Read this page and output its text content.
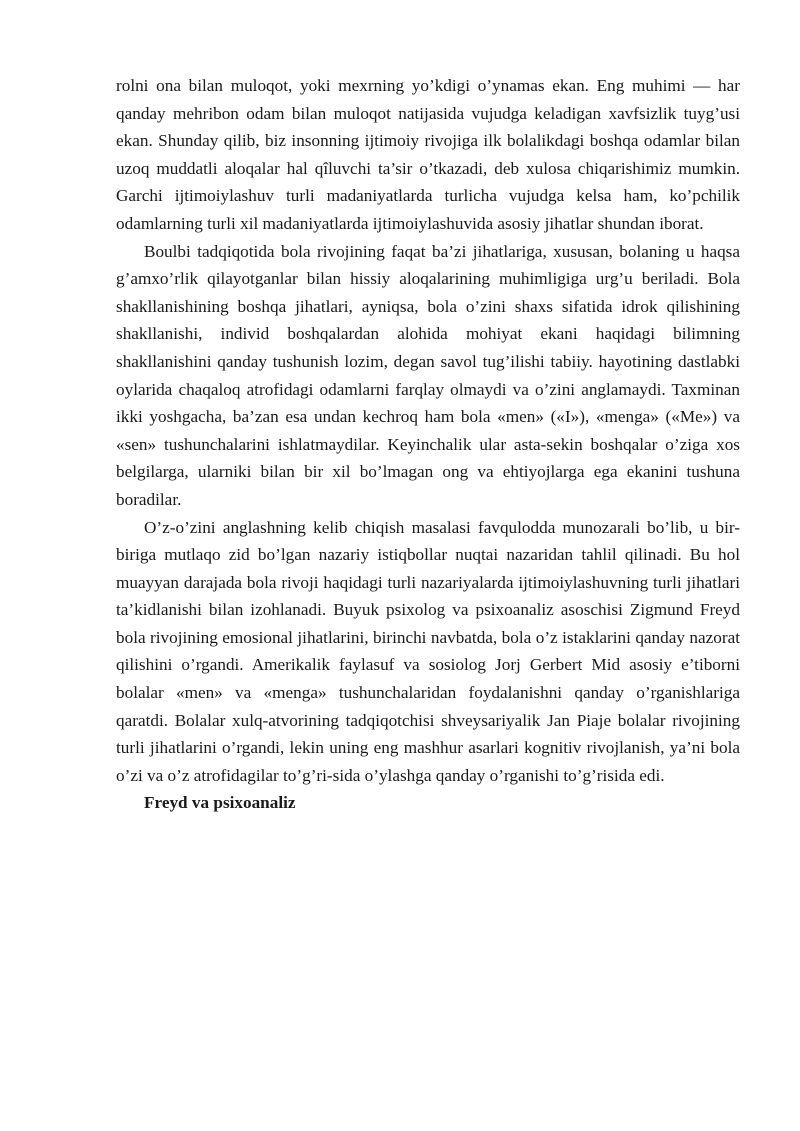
rolni ona bilan muloqot, yoki mexrning yo’kdigi o’ynamas ekan. Eng muhimi — har qanday mehribon odam bilan muloqot natijasida vujudga keladigan xavfsizlik tuyg’usi ekan. Shunday qilib, biz insonning ijtimoiy rivojiga ilk bolalikdagi boshqa odamlar bilan uzoq muddatli aloqalar hal qîluvchi ta’sir o’tkazadi, deb xulosa chiqarishimiz mumkin. Garchi ijtimoiylashuv turli madaniyatlarda turlicha vujudga kelsa ham, ko’pchilik odamlarning turli xil madaniyatlarda ijtimoiylashuvida asosiy jihatlar shundan iborat.

Boulbi tadqiqotida bola rivojining faqat ba’zi jihatlariga, xususan, bolaning u haqsa g’amxo’rlik qilayotganlar bilan hissiy aloqalarining muhimligiga urg’u beriladi. Bola shakllanishining boshqa jihatlari, ayniqsa, bola o’zini shaxs sifatida idrok qilishining shakllanishi, individ boshqalardan alohida mohiyat ekani haqidagi bilimning shakllanishini qanday tushunish lozim, degan savol tug’ilishi tabiiy. hayotining dastlabki oylarida chaqaloq atrofidagi odamlarni farqlay olmaydi va o’zini anglamaydi. Taxminan ikki yoshgacha, ba’zan esa undan kechroq ham bola «men» («I»), «menga» («Me») va «sen» tushunchalarini ishlatmaydilar. Keyinchalik ular asta-sekin boshqalar o’ziga xos belgilarga, ularniki bilan bir xil bo’lmagan ong va ehtiyojlarga ega ekanini tushuna boradilar.

O’z-o’zini anglashning kelib chiqish masalasi favqulodda munozarali bo’lib, u bir-biriga mutlaqo zid bo’lgan nazariy istiqbollar nuqtai nazaridan tahlil qilinadi. Bu hol muayyan darajada bola rivoji haqidagi turli nazariyalarda ijtimoiylashuvning turli jihatlari ta’kidlanishi bilan izohlanadi. Buyuk psixolog va psixoanaliz asoschisi Zigmund Freyd bola rivojining emosional jihatlarini, birinchi navbatda, bola o’z istaklarini qanday nazorat qilishini o’rgandi. Amerikalik faylasuf va sosiolog Jorj Gerbert Mid asosiy e’tiborni bolalar «men» va «menga» tushunchalaridan foydalanishni qanday o’rganishlariga qaratdi. Bolalar xulq-atvorining tadqiqotchisi shveysariyalik Jan Piaje bolalar rivojining turli jihatlarini o’rgandi, lekin uning eng mashhur asarlari kognitiv rivojlanish, ya’ni bola o’zi va o’z atrofidagilar to’g’ri-sida o’ylashga qanday o’rganishi to’g’risida edi.

Freyd va psixoanaliz
